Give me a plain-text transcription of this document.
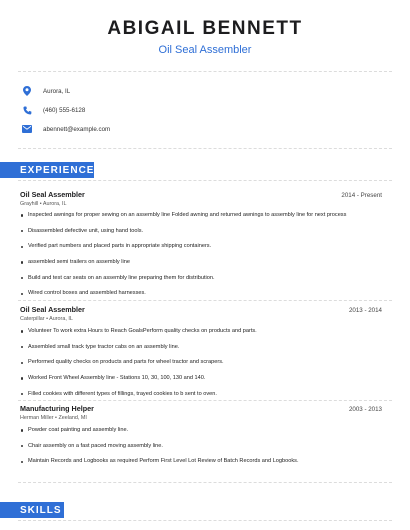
ABIGAIL BENNETT
Oil Seal Assembler
Aurora, IL
(460) 555-6128
abennett@example.com
EXPERIENCE
Oil Seal Assembler	2014 - Present
Grayhill • Aurora, IL
Inspected awnings for proper sewing on an assembly line Folded awning and returned awnings to assembly line for next process
Disassembled defective unit, using hand tools.
Verified part numbers and placed parts in appropriate shipping containers.
assembled semi trailers on assembly line
Build and test car seats on an assembly line preparing them for distribution.
Wired control boxes and assembled harnesses.
Oil Seal Assembler	2013 - 2014
Caterpillar • Aurora, IL
Volunteer To work extra Hours to Reach GoalsPerform quality checks on products and parts.
Assembled small track type tractor cabs on an assembly line.
Performed quality checks on products and parts for wheel tractor and scrapers.
Worked Front Wheel Assembly line - Stations 10, 30, 100, 130 and 140.
Filled cookies with different types of fillings, trayed cookies to b sent to oven.
Manufacturing Helper	2003 - 2013
Herman Miller • Zeeland, MI
Powder coat painting and assembly line.
Chair assembly on a fast paced moving assembly line.
Maintain Records and Logbooks as required Perform First Level Lot Review of Batch Records and Logbooks.
SKILLS
